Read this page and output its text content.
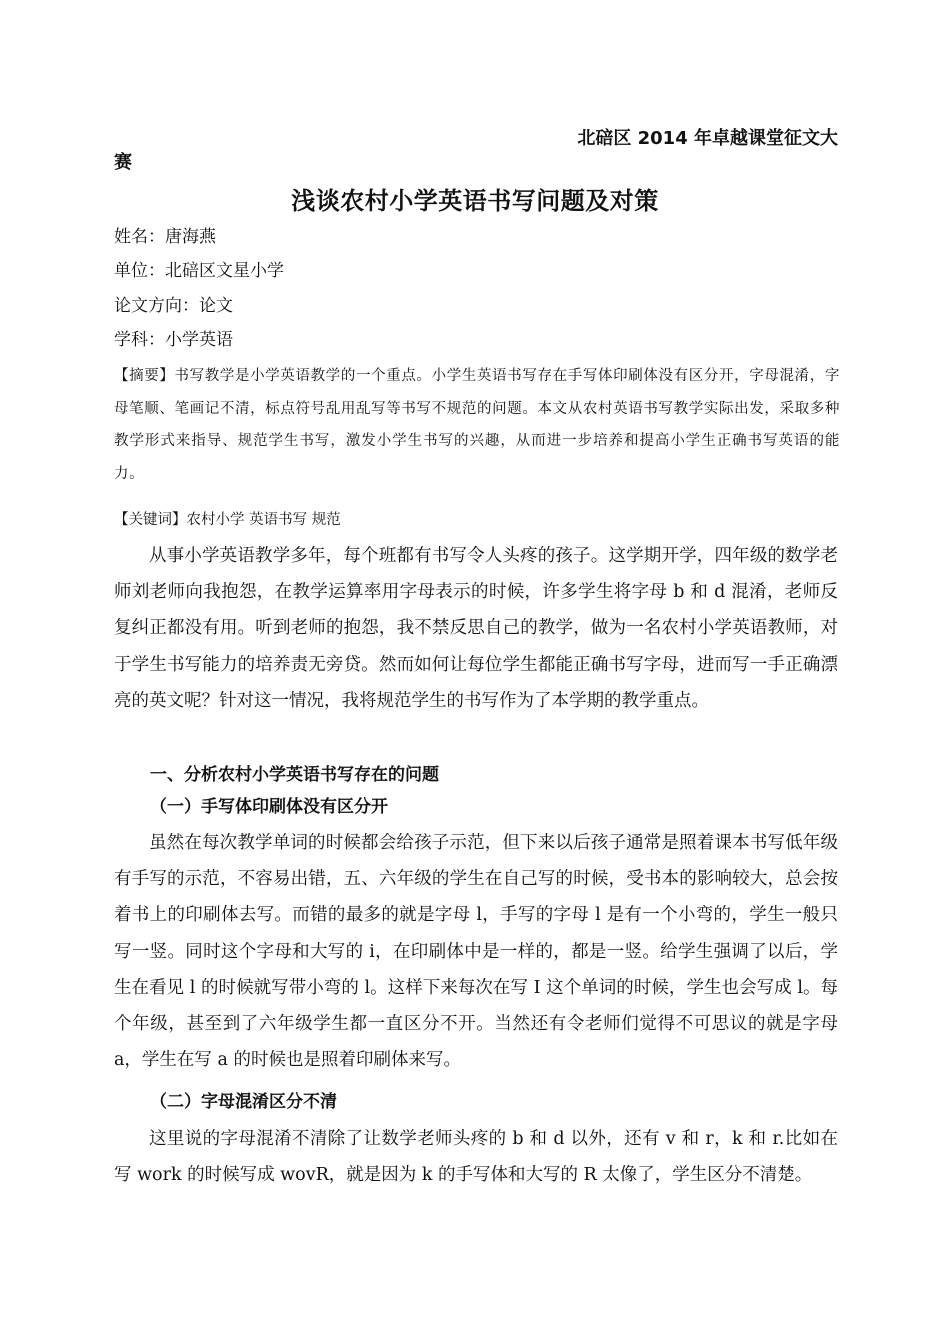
北碚区 2014 年卓越课堂征文大
赛
浅谈农村小学英语书写问题及对策
姓名：唐海燕
单位：北碚区文星小学
论文方向：论文
学科：小学英语

【摘要】书写教学是小学英语教学的一个重点。小学生英语书写存在手写体印刷体没有区分开，字母混淆，字母笔顺、笔画记不清，标点符号乱用乱写等书写不规范的问题。本文从农村英语书写教学实际出发，采取多种教学形式来指导、规范学生书写，激发小学生书写的兴趣，从而进一步培养和提高小学生正确书写英语的能力。

【关键词】农村小学 英语书写 规范

从事小学英语教学多年，每个班都有书写令人头疼的孩子。这学期开学，四年级的数学老师刘老师向我抱怨，在教学运算率用字母表示的时候，许多学生将字母 b 和 d 混淆，老师反复纠正都没有用。听到老师的抱怨，我不禁反思自己的教学，做为一名农村小学英语教师，对于学生书写能力的培养责无旁贷。然而如何让每位学生都能正确书写字母，进而写一手正确漂亮的英文呢？针对这一情况，我将规范学生的书写作为了本学期的教学重点。

一、分析农村小学英语书写存在的问题
（一）手写体印刷体没有区分开

虽然在每次教学单词的时候都会给孩子示范，但下来以后孩子通常是照着课本书写低年级有手写的示范，不容易出错，五、六年级的学生在自己写的时候，受书本的影响较大，总会按着书上的印刷体去写。而错的最多的就是字母 l，手写的字母 l 是有一个小弯的，学生一般只写一竖。同时这个字母和大写的 i，在印刷体中是一样的，都是一竖。给学生强调了以后，学生在看见 l 的时候就写带小弯的 l。这样下来每次在写 I 这个单词的时候，学生也会写成 l。每个年级，甚至到了六年级学生都一直区分不开。当然还有令老师们觉得不可思议的就是字母 a，学生在写 a 的时候也是照着印刷体来写。

（二）字母混淆区分不清

这里说的字母混淆不清除了让数学老师头疼的 b 和 d 以外，还有 v 和 r，k 和 r.比如在写 work 的时候写成 wovR，就是因为 k 的手写体和大写的 R 太像了，学生区分不清楚。
